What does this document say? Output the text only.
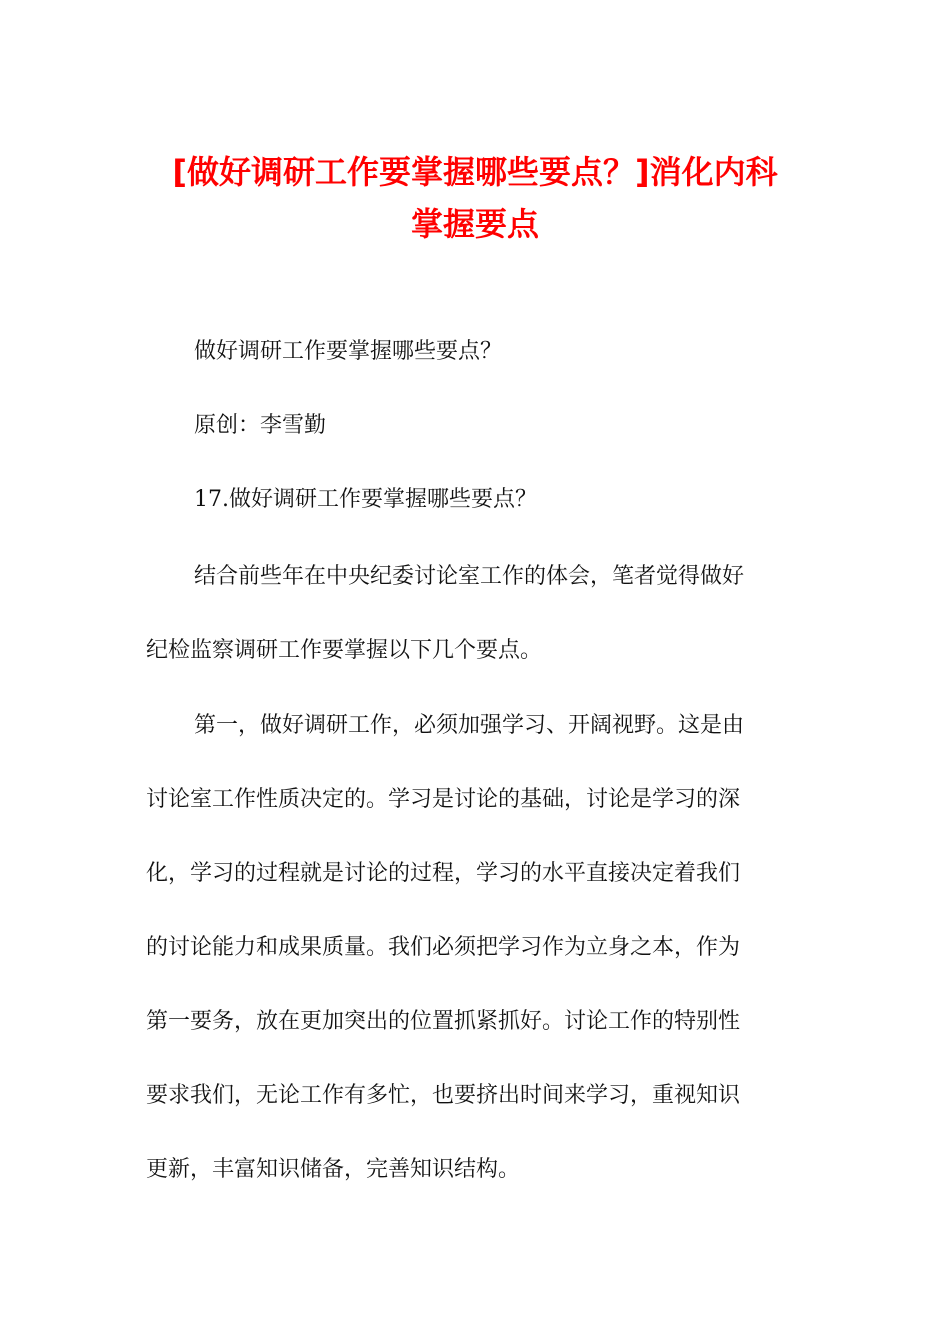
[做好调研工作要掌握哪些要点？]消化内科
掌握要点

做好调研工作要掌握哪些要点？

原创：李雪勤

17.做好调研工作要掌握哪些要点？

结合前些年在中央纪委讨论室工作的体会，笔者觉得做好
纪检监察调研工作要掌握以下几个要点。

第一，做好调研工作，必须加强学习、开阔视野。这是由
讨论室工作性质决定的。学习是讨论的基础，讨论是学习的深
化，学习的过程就是讨论的过程，学习的水平直接决定着我们
的讨论能力和成果质量。我们必须把学习作为立身之本，作为
第一要务，放在更加突出的位置抓紧抓好。讨论工作的特别性
要求我们，无论工作有多忙，也要挤出时间来学习，重视知识
更新，丰富知识储备，完善知识结构。
